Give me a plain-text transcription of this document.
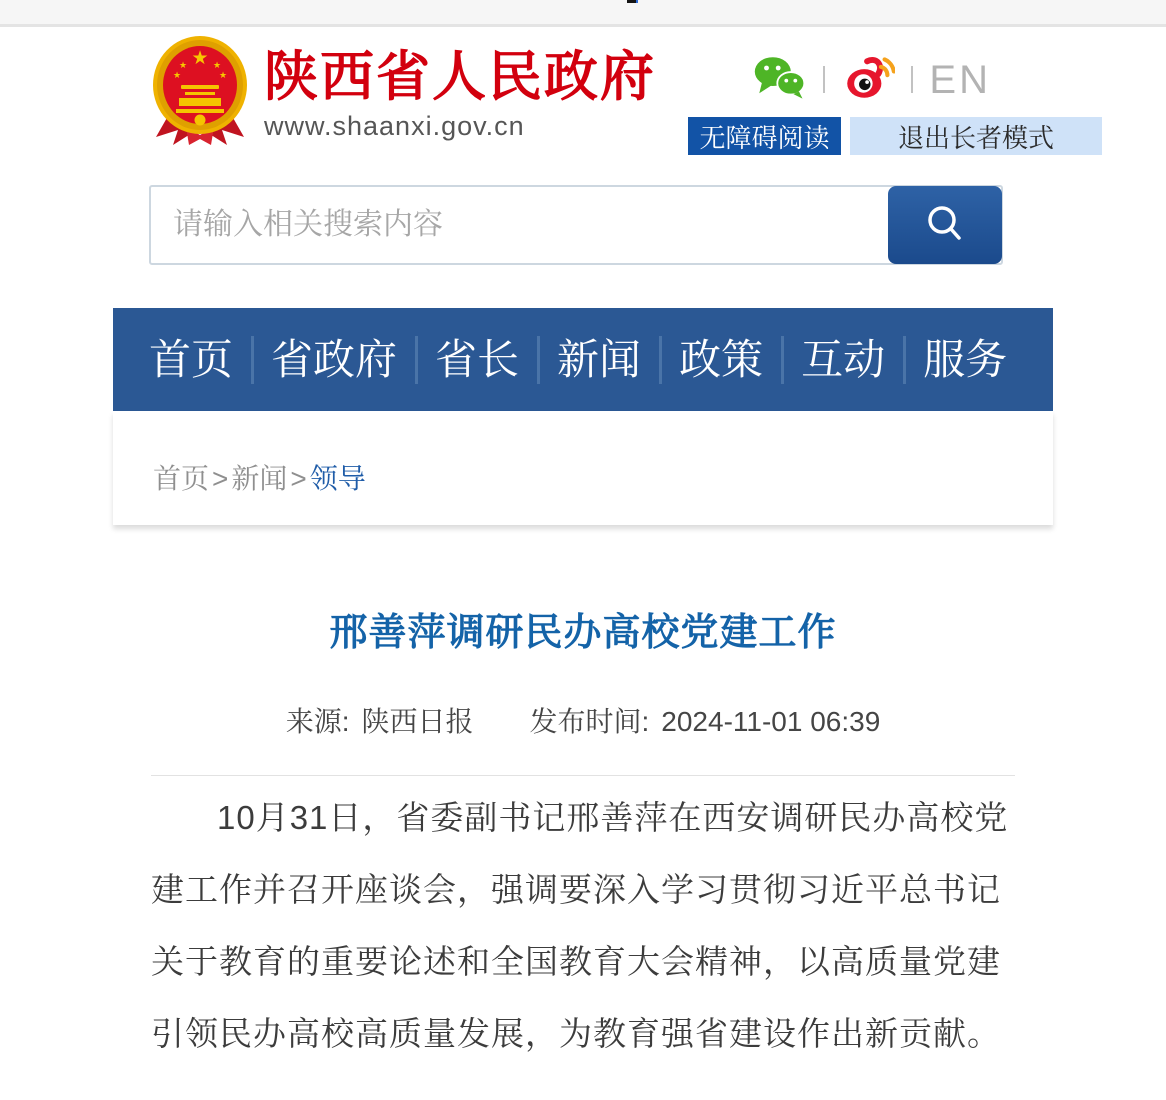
★
★	★
★	★ 陕西省人民政府
www.shaanxi.gov.cn
EN
无障碍阅读	退出长者模式
请输入相关搜索内容
首页 省政府 省长 新闻 政策 互动 服务
首页 > 新闻 > 领导
邢善萍调研民办高校党建工作
来源: 陕西日报 发布时间: 2024-11-01 06:39

10月31日，省委副书记邢善萍在西安调研民办高校党建工作并召开座谈会，强调要深入学习贯彻习近平总书记关于教育的重要论述和全国教育大会精神，以高质量党建引领民办高校高质量发展，为教育强省建设作出新贡献。
